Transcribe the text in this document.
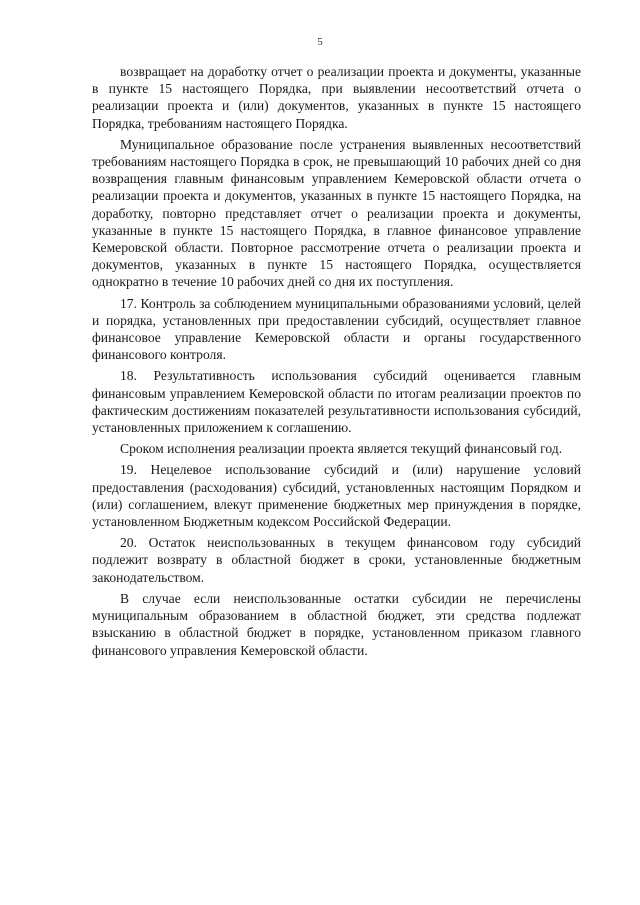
5

возвращает на доработку отчет о реализации проекта и документы, указанные в пункте 15 настоящего Порядка, при выявлении несоответствий отчета о реализации проекта и (или) документов, указанных в пункте 15 настоящего Порядка, требованиям настоящего Порядка.

Муниципальное образование после устранения выявленных несоответствий требованиям настоящего Порядка в срок, не превышающий 10 рабочих дней со дня возвращения главным финансовым управлением Кемеровской области отчета о реализации проекта и документов, указанных в пункте 15 настоящего Порядка, на доработку, повторно представляет отчет о реализации проекта и документы, указанные в пункте 15 настоящего Порядка, в главное финансовое управление Кемеровской области. Повторное рассмотрение отчета о реализации проекта и документов, указанных в пункте 15 настоящего Порядка, осуществляется однократно в течение 10 рабочих дней со дня их поступления.

17. Контроль за соблюдением муниципальными образованиями условий, целей и порядка, установленных при предоставлении субсидий, осуществляет главное финансовое управление Кемеровской области и органы государственного финансового контроля.

18. Результативность использования субсидий оценивается главным финансовым управлением Кемеровской области по итогам реализации проектов по фактическим достижениям показателей результативности использования субсидий, установленных приложением к соглашению.

Сроком исполнения реализации проекта является текущий финансовый год.

19. Нецелевое использование субсидий и (или) нарушение условий предоставления (расходования) субсидий, установленных настоящим Порядком и (или) соглашением, влекут применение бюджетных мер принуждения в порядке, установленном Бюджетным кодексом Российской Федерации.

20. Остаток неиспользованных в текущем финансовом году субсидий подлежит возврату в областной бюджет в сроки, установленные бюджетным законодательством.

В случае если неиспользованные остатки субсидии не перечислены муниципальным образованием в областной бюджет, эти средства подлежат взысканию в областной бюджет в порядке, установленном приказом главного финансового управления Кемеровской области.
